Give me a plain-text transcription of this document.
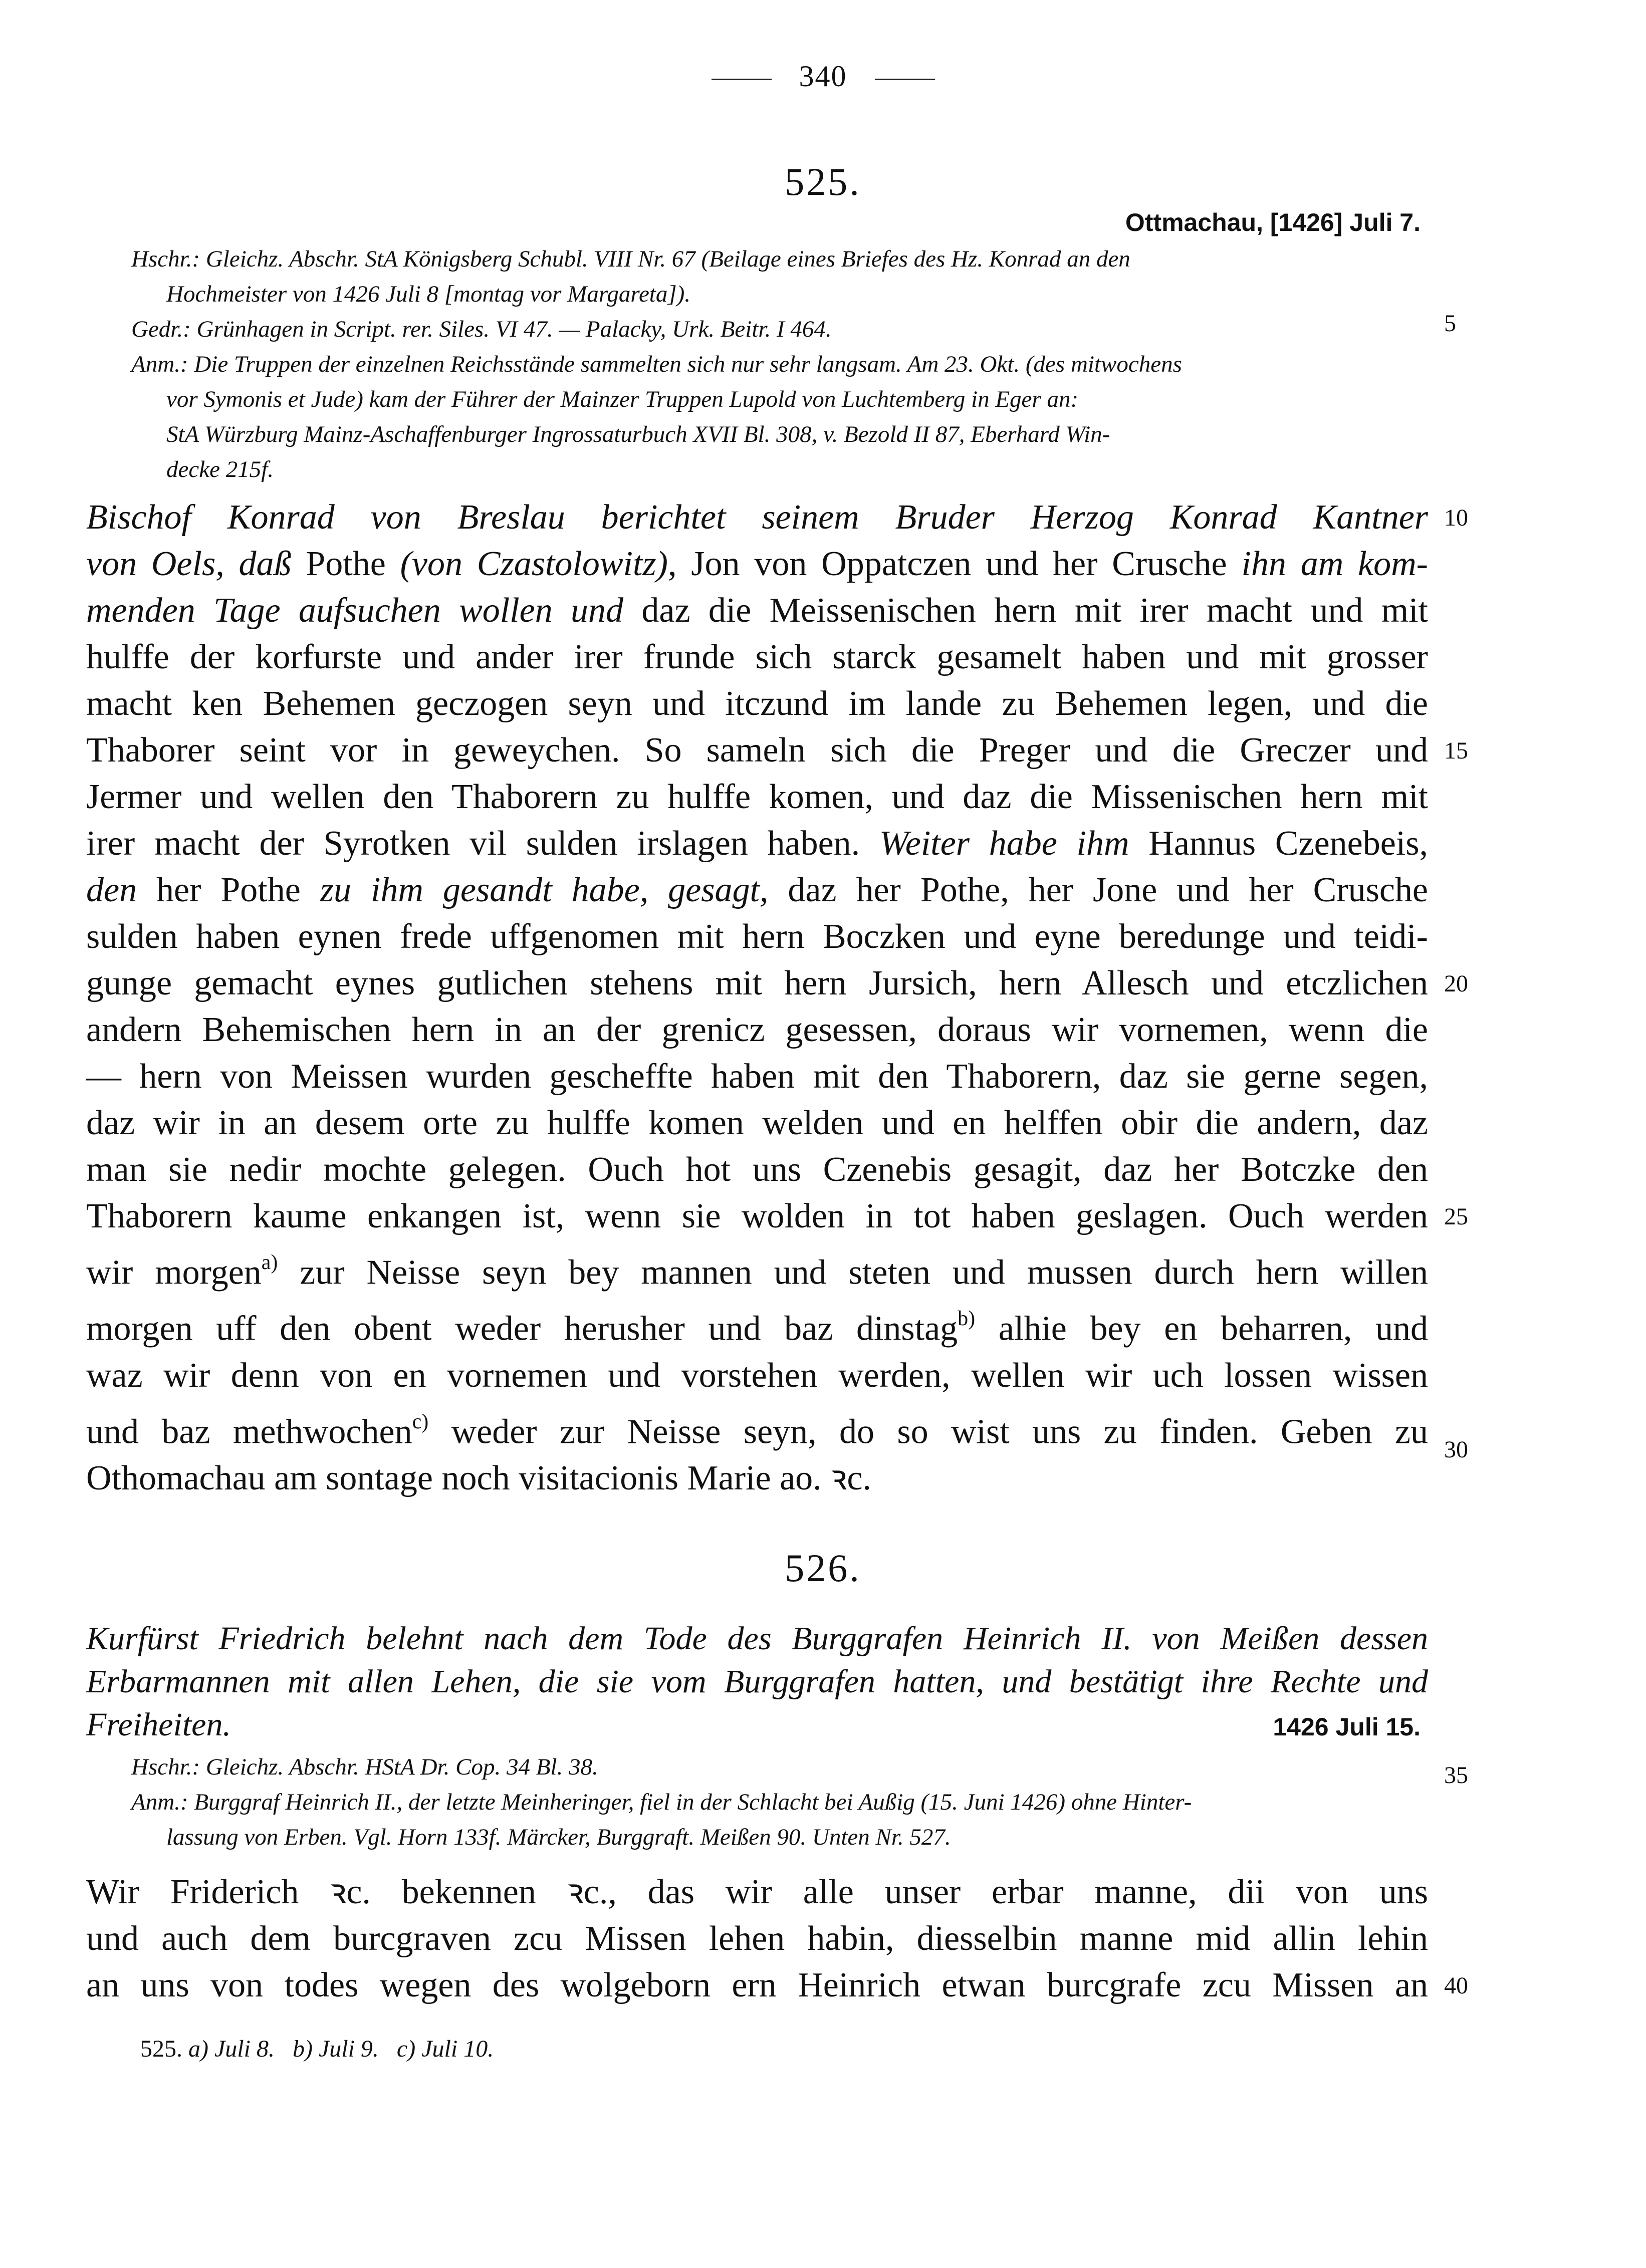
340
525.
Ottmachau, [1426] Juli 7.
Hschr.: Gleichz. Abschr. StA Königsberg Schubl. VIII Nr. 67 (Beilage eines Briefes des Hz. Konrad an den
Hochmeister von 1426 Juli 8 [montag vor Margareta]).
Gedr.: Grünhagen in Script. rer. Siles. VI 47. — Palacky, Urk. Beitr. I 464.
Anm.: Die Truppen der einzelnen Reichsstände sammelten sich nur sehr langsam. Am 23. Okt. (des mitwochens
vor Symonis et Jude) kam der Führer der Mainzer Truppen Lupold von Luchtemberg in Eger an:
StA Würzburg Mainz-Aschaffenburger Ingrossaturbuch XVII Bl. 308, v. Bezold II 87, Eberhard Win-
decke 215f.
5
Bischof Konrad von Breslau berichtet seinem Bruder Herzog Konrad Kantner
von Oels, daß Pothe (von Czastolowitz), Jon von Oppatczen und her Crusche ihn am kom-
menden Tage aufsuchen wollen und daz die Meissenischen hern mit irer macht und mit
hulffe der korfurste und ander irer frunde sich starck gesamelt haben und mit grosser
macht ken Behemen geczogen seyn und itczund im lande zu Behemen legen, und die
Thaborer seint vor in geweychen. So sameln sich die Preger und die Greczer und
Jermer und wellen den Thaborern zu hulffe komen, und daz die Missenischen hern mit
irer macht der Syrotken vil sulden irslagen haben. Weiter habe ihm Hannus Czenebeis,
den her Pothe zu ihm gesandt habe, gesagt, daz her Pothe, her Jone und her Crusche
sulden haben eynen frede uffgenomen mit hern Boczken und eyne beredunge und teidi-
gunge gemacht eynes gutlichen stehens mit hern Jursich, hern Allesch und etczlichen
andern Behemischen hern in an der grenicz gesessen, doraus wir vornemen, wenn die
— hern von Meissen wurden gescheffte haben mit den Thaborern, daz sie gerne segen,
daz wir in an desem orte zu hulffe komen welden und en helffen obir die andern, daz
man sie nedir mochte gelegen. Ouch hot uns Czenebis gesagit, daz her Botczke den
Thaborern kaume enkangen ist, wenn sie wolden in tot haben geslagen. Ouch werden
wir morgen$^{a)}$ zur Neisse seyn bey mannen und steten und mussen durch hern willen
morgen uff den obent weder herusher und baz dinstag$^{b)}$ alhie bey en beharren, und
waz wir denn von en vornemen und vorstehen werden, wellen wir uch lossen wissen
und baz methwochen$^{c)}$ weder zur Neisse seyn, do so wist uns zu finden. Geben zu
Othomachau am sontage noch visitacionis Marie ao. ꝛc.
526.
Kurfürst Friedrich belehnt nach dem Tode des Burggrafen Heinrich II. von Meißen dessen
Erbarmannen mit allen Lehen, die sie vom Burggrafen hatten, und bestätigt ihre Rechte und
Freiheiten.	1426 Juli 15.
Hschr.: Gleichz. Abschr. HStA Dr. Cop. 34 Bl. 38.
Anm.: Burggraf Heinrich II., der letzte Meinheringer, fiel in der Schlacht bei Außig (15. Juni 1426) ohne Hinter-
lassung von Erben. Vgl. Horn 133f. Märcker, Burggraft. Meißen 90. Unten Nr. 527.
35
Wir Friderich ꝛc. bekennen ꝛc., das wir alle unser erbar manne, dii von uns
und auch dem burcgraven zcu Missen lehen habin, diesselbin manne mid allin lehin
an uns von todes wegen des wolgeborn ern Heinrich etwan burcgrafe zcu Missen an
525. a) Juli 8.   b) Juli 9.   c) Juli 10.
10
15
20
25
30
40
